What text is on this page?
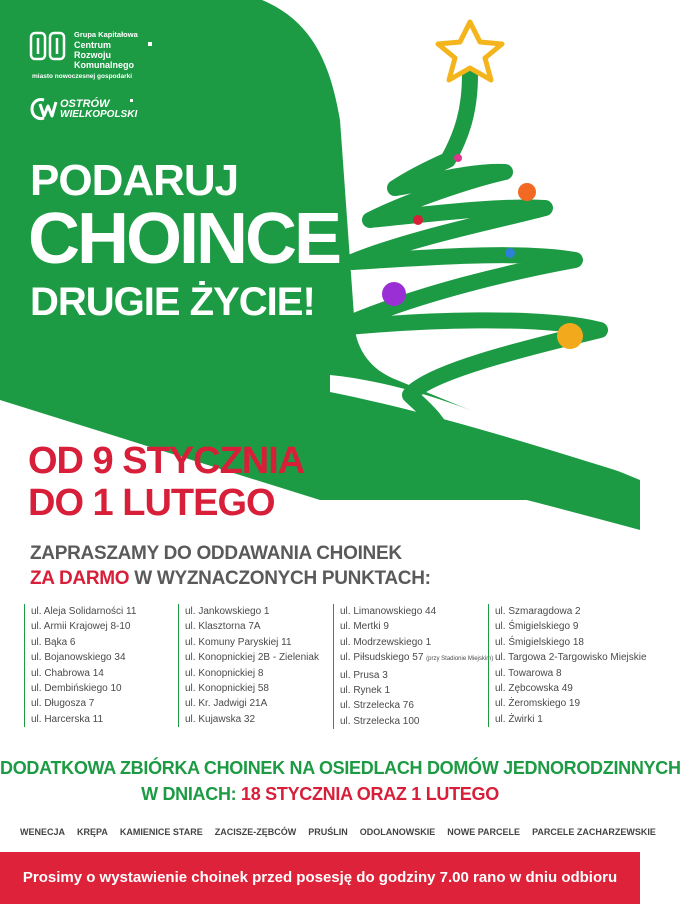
Grupa Kapitałowa
Centrum
Rozwoju
Komunalnego
miasto nowoczesnej gospodarki
OSTRÓW
WIELKOPOLSKI
PODARUJ
CHOINCE
DRUGIE ŻYCIE!
OD 9 STYCZNIA
DO 1 LUTEGO
ZAPRASZAMY DO ODDAWANIA CHOINEK
ZA DARMO W WYZNACZONYCH PUNKTACH:
ul. Aleja Solidarności 11
ul. Armii Krajowej 8-10
ul. Bąka 6
ul. Bojanowskiego 34
ul. Chabrowa 14
ul. Dembińskiego 10
ul. Długosza 7
ul. Harcerska 11
ul. Jankowskiego 1
ul. Klasztorna 7A
ul. Komuny Paryskiej 11
ul. Konopnickiej 2B - Zieleniak
ul. Konopnickiej 8
ul. Konopnickiej 58
ul. Kr. Jadwigi 21A
ul. Kujawska 32
ul. Limanowskiego 44
ul. Mertki 9
ul. Modrzewskiego 1
ul. Piłsudskiego 57 (przy Stadionie Miejskim)
ul. Prusa 3
ul. Rynek 1
ul. Strzelecka 76
ul. Strzelecka 100
ul. Szmaragdowa 2
ul. Śmigielskiego 9
ul. Śmigielskiego 18
ul. Targowa 2-Targowisko Miejskie
ul. Towarowa 8
ul. Zębcowska 49
ul. Żeromskiego 19
ul. Żwirki 1
DODATKOWA ZBIÓRKA CHOINEK NA OSIEDLACH DOMÓW JEDNORODZINNYCH
W DNIACH: 18 STYCZNIA ORAZ 1 LUTEGO
WENECJA	KRĘPA	KAMIENICE STARE	ZACISZE-ZĘBCÓW	PRUŚLIN	ODOLANOWSKIE	NOWE PARCELE	PARCELE ZACHARZEWSKIE
Prosimy o wystawienie choinek przed posesję do godziny 7.00 rano w dniu odbioru
